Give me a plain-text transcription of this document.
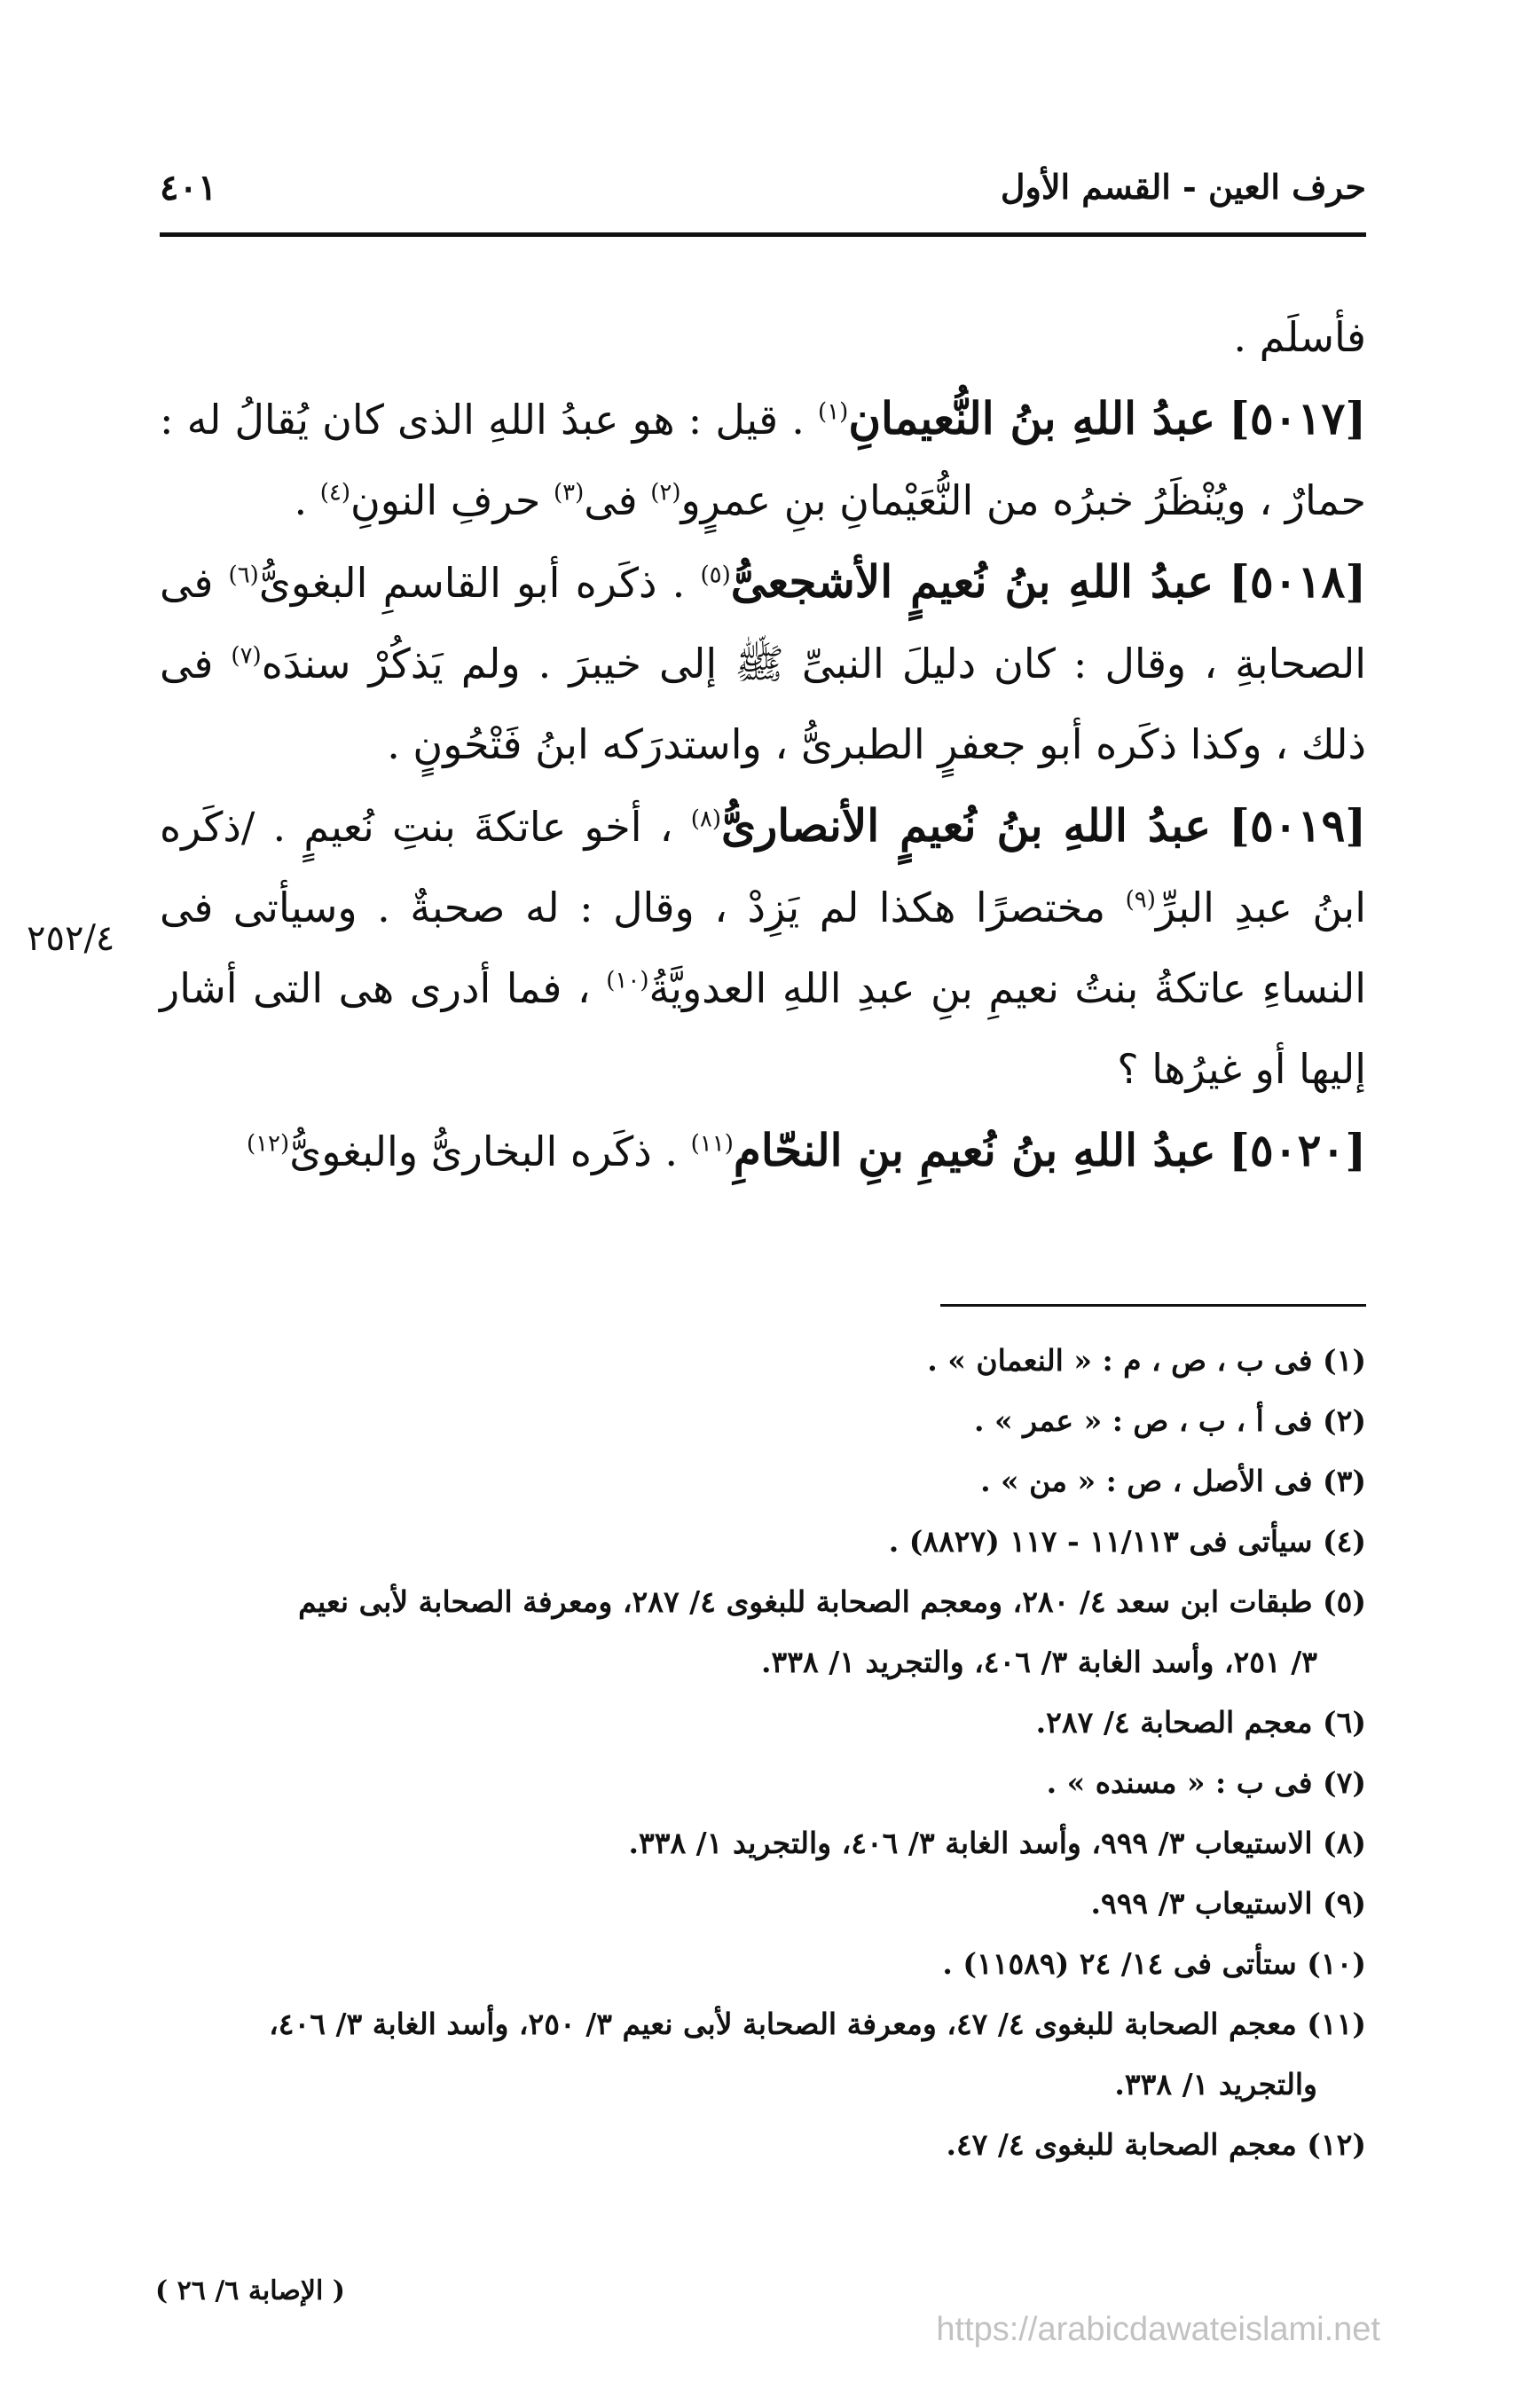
حرف العين - القسم الأول
٤٠١
٢٥٢/٤

فأسلَم .

[٥٠١٧] عبدُ اللهِ بنُ النُّعيمانِ$^{(١)}$ . قيل : هو عبدُ اللهِ الذى كان يُقالُ له : حمارٌ ، ويُنْظَرُ خبرُه من النُّعَيْمانِ بنِ عمرٍو$^{(٢)}$ فى$^{(٣)}$ حرفِ النونِ$^{(٤)}$ .

[٥٠١٨] عبدُ اللهِ بنُ نُعيمٍ الأشجعىُّ$^{(٥)}$ . ذكَره أبو القاسمِ البغوىُّ$^{(٦)}$ فى الصحابةِ ، وقال : كان دليلَ النبىِّ ﷺ إلى خيبرَ . ولم يَذكُرْ سندَه$^{(٧)}$ فى ذلك ، وكذا ذكَره أبو جعفرٍ الطبرىُّ ، واستدرَكه ابنُ فَتْحُونٍ .

[٥٠١٩] عبدُ اللهِ بنُ نُعيمٍ الأنصارىُّ$^{(٨)}$ ، أخو عاتكةَ بنتِ نُعيمٍ . /ذكَره ابنُ عبدِ البرِّ$^{(٩)}$ مختصرًا هكذا لم يَزِدْ ، وقال : له صحبةٌ . وسيأتى فى النساءِ عاتكةُ بنتُ نعيمِ بنِ عبدِ اللهِ العدويَّةُ$^{(١٠)}$ ، فما أدرى هى التى أشار إليها أو غيرُها ؟

[٥٠٢٠] عبدُ اللهِ بنُ نُعيمِ بنِ النحّامِ$^{(١١)}$ . ذكَره البخارىُّ والبغوىُّ$^{(١٢)}$

(١) فى ب ، ص ، م : « النعمان » .

(٢) فى أ ، ب ، ص : « عمر » .

(٣) فى الأصل ، ص : « من » .

(٤) سيأتى فى ١١/١١٣ - ١١٧ (٨٨٢٧) .

(٥) طبقات ابن سعد ٤/ ٢٨٠، ومعجم الصحابة للبغوى ٤/ ٢٨٧، ومعرفة الصحابة لأبى نعيم

٣/ ٢٥١، وأسد الغابة ٣/ ٤٠٦، والتجريد ١/ ٣٣٨.

(٦) معجم الصحابة ٤/ ٢٨٧.

(٧) فى ب : « مسنده » .

(٨) الاستيعاب ٣/ ٩٩٩، وأسد الغابة ٣/ ٤٠٦، والتجريد ١/ ٣٣٨.

(٩) الاستيعاب ٣/ ٩٩٩.

(١٠) ستأتى فى ١٤/ ٢٤ (١١٥٨٩) .

(١١) معجم الصحابة للبغوى ٤/ ٤٧، ومعرفة الصحابة لأبى نعيم ٣/ ٢٥٠، وأسد الغابة ٣/ ٤٠٦،

والتجريد ١/ ٣٣٨.

(١٢) معجم الصحابة للبغوى ٤/ ٤٧.

( الإصابة ٦/ ٢٦ )
https://arabicdawateislami.net
